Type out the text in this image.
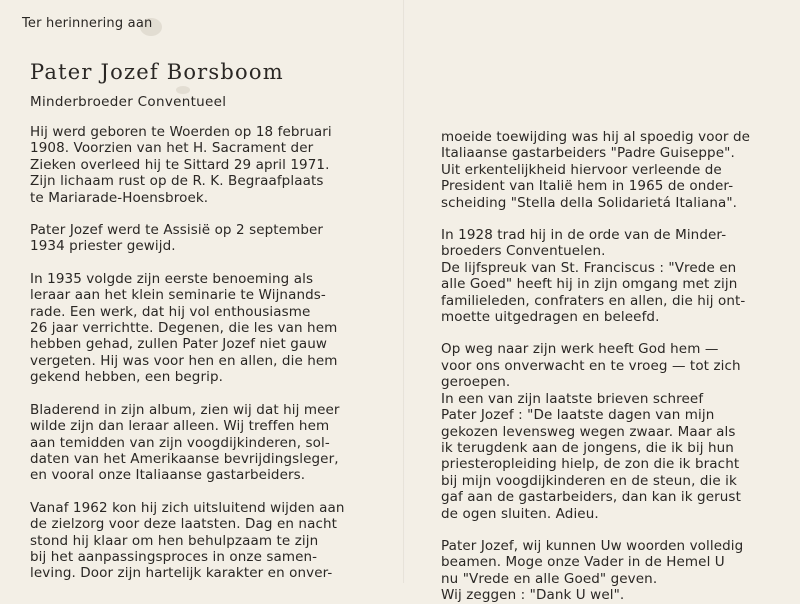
Ter herinnering aan

Pater Jozef Borsboom

Minderbroeder Conventueel

Hij werd geboren te Woerden op 18 februari
1908. Voorzien van het H. Sacrament der
Zieken overleed hij te Sittard 29 april 1971.
Zijn lichaam rust op de R. K. Begraafplaats
te Mariarade-Hoensbroek.

Pater Jozef werd te Assisië op 2 september
1934 priester gewijd.

In 1935 volgde zijn eerste benoeming als
leraar aan het klein seminarie te Wijnands-
rade. Een werk, dat hij vol enthousiasme
26 jaar verrichtte. Degenen, die les van hem
hebben gehad, zullen Pater Jozef niet gauw
vergeten. Hij was voor hen en allen, die hem
gekend hebben, een begrip.

Bladerend in zijn album, zien wij dat hij meer
wilde zijn dan leraar alleen. Wij treffen hem
aan temidden van zijn voogdijkinderen, sol-
daten van het Amerikaanse bevrijdingsleger,
en vooral onze Italiaanse gastarbeiders.

Vanaf 1962 kon hij zich uitsluitend wijden aan
de zielzorg voor deze laatsten. Dag en nacht
stond hij klaar om hen behulpzaam te zijn
bij het aanpassingsproces in onze samen-
leving. Door zijn hartelijk karakter en onver-

moeide toewijding was hij al spoedig voor de
Italiaanse gastarbeiders "Padre Guiseppe".
Uit erkentelijkheid hiervoor verleende de
President van Italië hem in 1965 de onder-
scheiding "Stella della Solidarietá Italiana".

In 1928 trad hij in de orde van de Minder-
broeders Conventuelen.
De lijfspreuk van St. Franciscus : "Vrede en
alle Goed" heeft hij in zijn omgang met zijn
familieleden, confraters en allen, die hij ont-
moette uitgedragen en beleefd.

Op weg naar zijn werk heeft God hem —
voor ons onverwacht en te vroeg — tot zich
geroepen.
In een van zijn laatste brieven schreef
Pater Jozef : "De laatste dagen van mijn
gekozen levensweg wegen zwaar. Maar als
ik terugdenk aan de jongens, die ik bij hun
priesteropleiding hielp, de zon die ik bracht
bij mijn voogdijkinderen en de steun, die ik
gaf aan de gastarbeiders, dan kan ik gerust
de ogen sluiten. Adieu.

Pater Jozef, wij kunnen Uw woorden volledig
beamen. Moge onze Vader in de Hemel U
nu "Vrede en alle Goed" geven.
Wij zeggen : "Dank U wel".
